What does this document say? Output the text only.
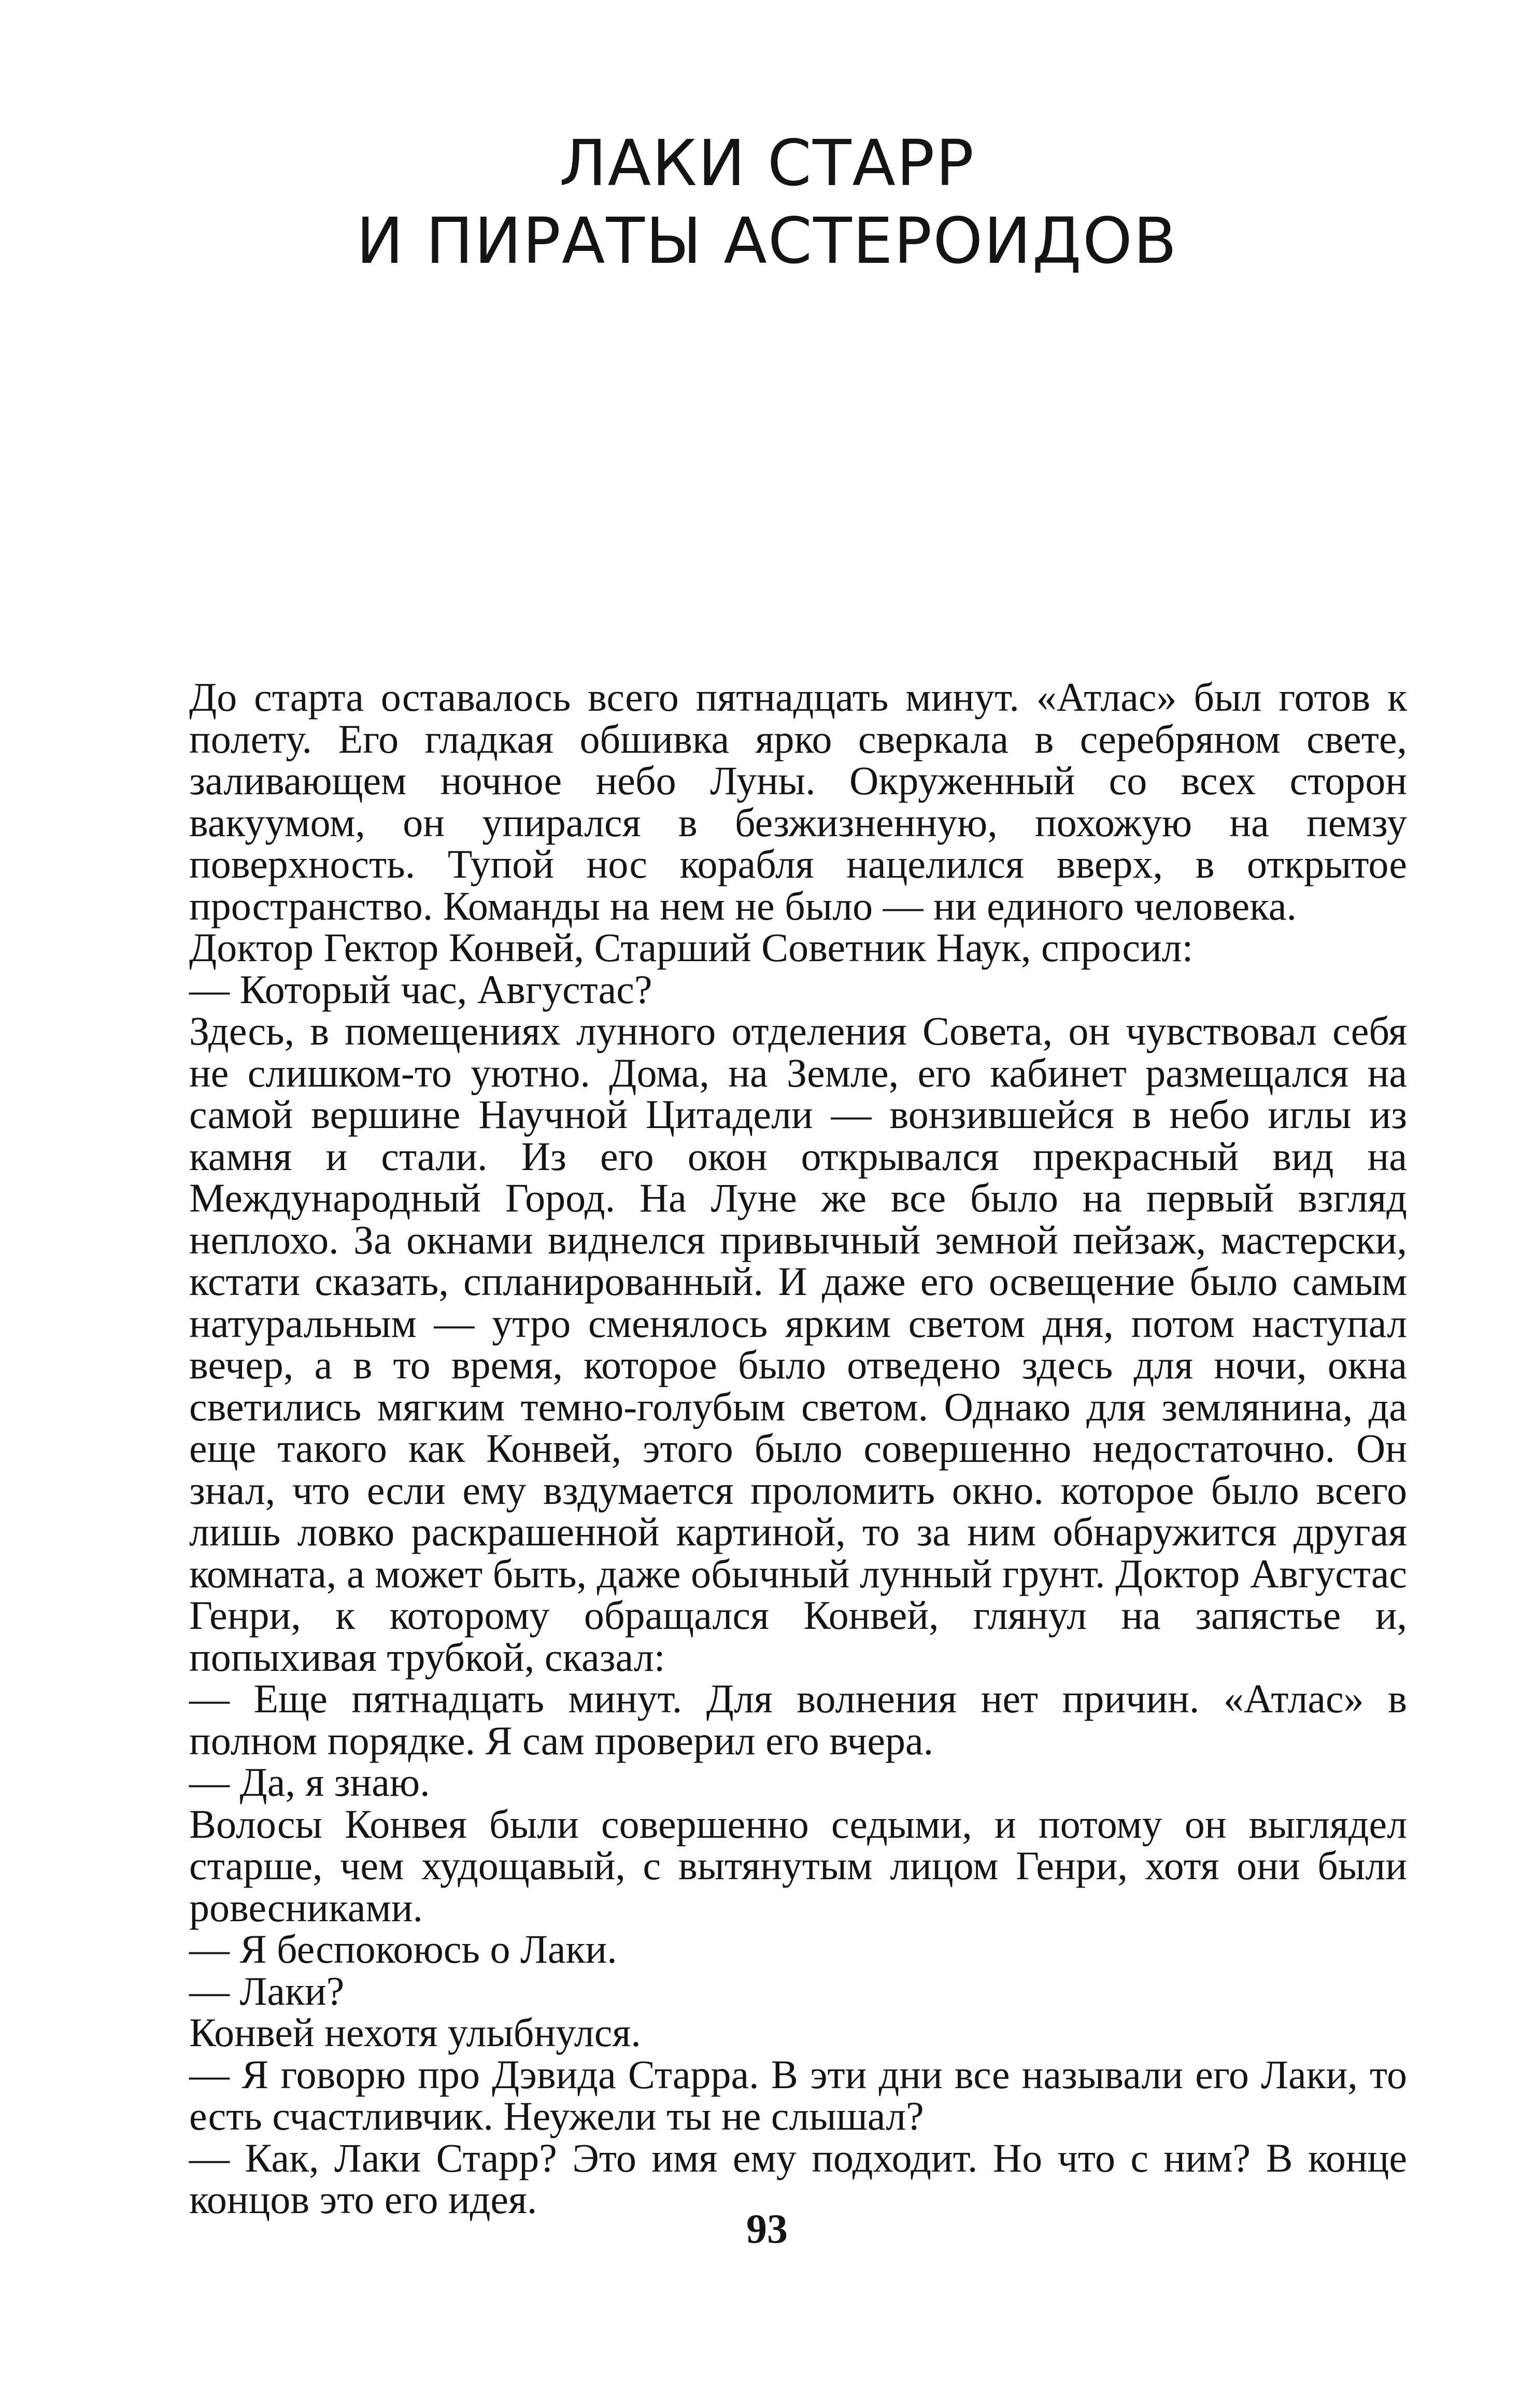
ЛАКИ СТАРР
И ПИРАТЫ АСТЕРОИДОВ

До старта оставалось всего пятнадцать минут. «Атлас» был готов к полету. Его гладкая обшивка ярко сверкала в серебряном свете, заливающем ночное небо Луны. Окруженный со всех сторон вакуумом, он упирался в безжизненную, похожую на пемзу поверхность. Тупой нос корабля нацелился вверх, в открытое пространство. Команды на нем не было — ни единого человека.

Доктор Гектор Конвей, Старший Советник Наук, спросил:

— Который час, Августас?

Здесь, в помещениях лунного отделения Совета, он чувствовал себя не слишком-то уютно. Дома, на Земле, его кабинет размещался на самой вершине Научной Цитадели — вонзившейся в небо иглы из камня и стали. Из его окон открывался прекрасный вид на Международный Город. На Луне же все было на первый взгляд неплохо. За окнами виднелся привычный земной пейзаж, мастерски, кстати сказать, спланированный. И даже его освещение было самым натуральным — утро сменялось ярким светом дня, потом наступал вечер, а в то время, которое было отведено здесь для ночи, окна светились мягким темно-голубым светом. Однако для землянина, да еще такого как Конвей, этого было совершенно недостаточно. Он знал, что если ему вздумается проломить окно. которое было всего лишь ловко раскрашенной картиной, то за ним обнаружится другая комната, а может быть, даже обычный лунный грунт. Доктор Августас Генри, к которому обращался Конвей, глянул на запястье и, попыхивая трубкой, сказал:

— Еще пятнадцать минут. Для волнения нет причин. «Атлас» в полном порядке. Я сам проверил его вчера.

— Да, я знаю.

Волосы Конвея были совершенно седыми, и потому он выглядел старше, чем худощавый, с вытянутым лицом Генри, хотя они были ровесниками.

— Я беспокоюсь о Лаки.

— Лаки?

Конвей нехотя улыбнулся.

— Я говорю про Дэвида Старра. В эти дни все называли его Лаки, то есть счастливчик. Неужели ты не слышал?

— Как, Лаки Старр? Это имя ему подходит. Но что с ним? В конце концов это его идея.

93
